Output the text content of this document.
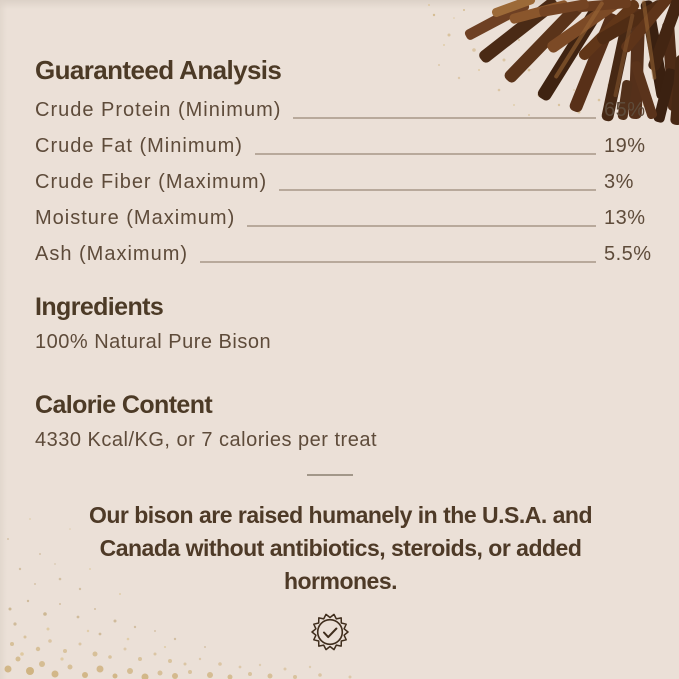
Guaranteed Analysis
Crude Protein (Minimum)	65%
Crude Fat (Minimum)	19%
Crude Fiber (Maximum)	3%
Moisture (Maximum)	13%
Ash (Maximum)	5.5%
Ingredients

100% Natural Pure Bison

Calorie Content

4330 Kcal/KG, or 7 calories per treat

Our bison are raised humanely in the U.S.A. and Canada without antibiotics, steroids, or added hormones.
